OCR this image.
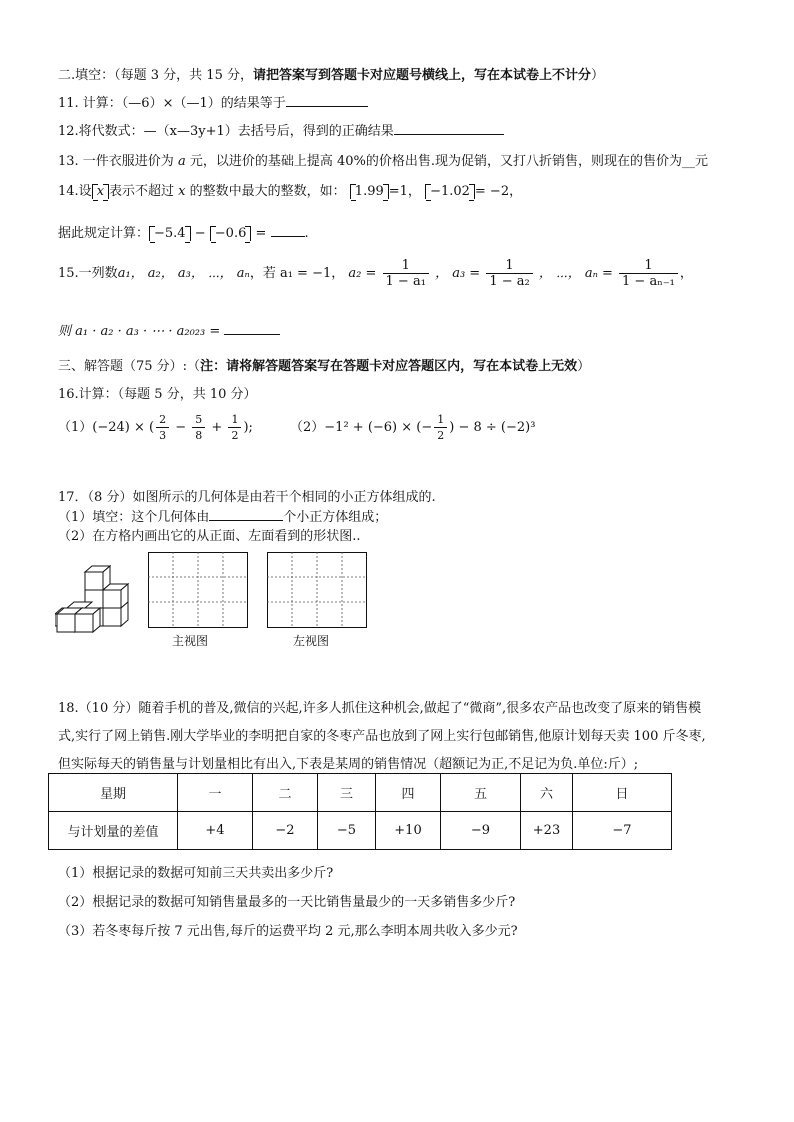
二.填空：（每题 3 分，共 15 分，请把答案写到答题卡对应题号横线上，写在本试卷上不计分）
11. 计算：（—6）×（—1）的结果等于
12.将代数式：—（x—3y+1）去括号后，得到的正确结果
13. 一件衣服进价为 a 元，以进价的基础上提高 40%的价格出售.现为促销，又打八折销售，则现在的售价为__元
14.设 x 表示不超过 x 的整数中最大的整数，如： 1.99 =1， −1.02 = −2，
据此规定计算： −5.4 − −0.6 =	.
15.一列数a₁， a₂， a₃， ⋯， aₙ，若 a₁ = −1， $a_2 = \frac{1}{\text{1 − a₁}}$ ， $a_3 = \frac{1}{\text{1 − a₂}}$ ， ⋯， $a_n = \frac{1}{\text{1 − aₙ₋₁}}$ ，
则 a₁ · a₂ · a₃ · ⋯ · a₂₀₂₃ =
三、解答题（75 分）:（注：请将解答题答案写在答题卡对应答题区内，写在本试卷上无效）
16.计算：（每题 5 分，共 10 分）
（1）(−24) × ( $\frac{2}{3} - \frac{5}{8} + \frac{1}{2}$ );	（2）−1² + (−6) × (− $\frac{1}{2}$ ) − 8 ÷ (−2)³
17．（8 分）如图所示的几何体是由若干个相同的小正方体组成的.
（1）填空：这个几何体由	个小正方体组成；
（2）在方格内画出它的从正面、左面看到的形状图..
主视图	左视图
18.（10 分）随着手机的普及,微信的兴起,许多人抓住这种机会,做起了“微商”,很多农产品也改变了原来的销售模
式,实行了网上销售.刚大学毕业的李明把自家的冬枣产品也放到了网上实行包邮销售,他原计划每天卖 100 斤冬枣,
但实际每天的销售量与计划量相比有出入,下表是某周的销售情况（超额记为正,不足记为负.单位:斤）;
星期	一	二	三	四	五	六	日
与计划量的差值	+4	−2	−5	+10	−9	+23	−7
（1）根据记录的数据可知前三天共卖出多少斤?
（2）根据记录的数据可知销售量最多的一天比销售量最少的一天多销售多少斤?
（3）若冬枣每斤按 7 元出售,每斤的运费平均 2 元,那么李明本周共收入多少元?
